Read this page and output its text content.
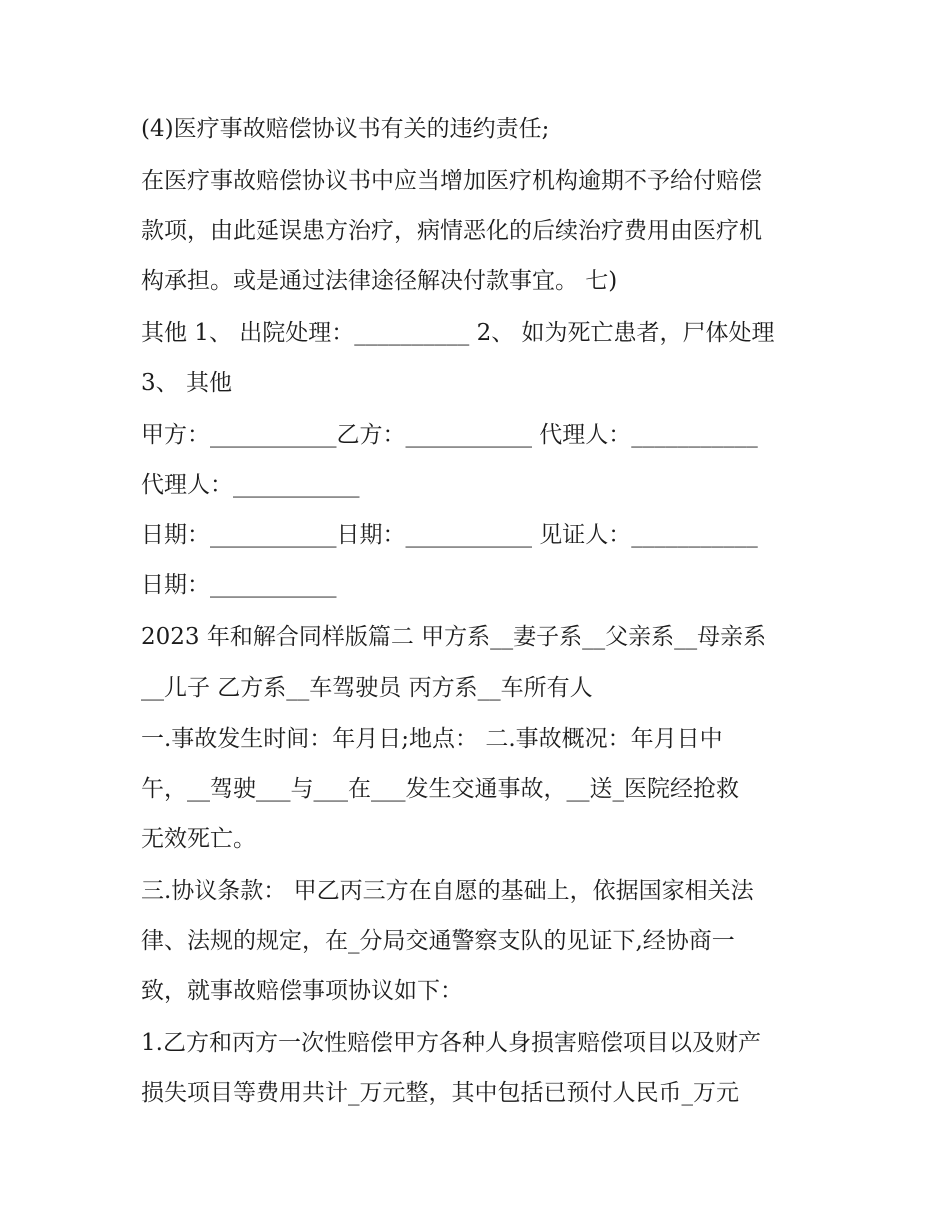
(4)医疗事故赔偿协议书有关的违约责任;

在医疗事故赔偿协议书中应当增加医疗机构逾期不予给付赔偿

款项，由此延误患方治疗，病情恶化的后续治疗费用由医疗机

构承担。或是通过法律途径解决付款事宜。 七)

其他 1、 出院处理：__________ 2、 如为死亡患者，尸体处理

3、 其他

甲方：___________乙方：___________ 代理人：___________

代理人：___________

日期：___________日期：___________ 见证人：___________

日期：___________

2023 年和解合同样版篇二 甲方系__妻子系__父亲系__母亲系

__儿子 乙方系__车驾驶员 丙方系__车所有人

一.事故发生时间：年月日;地点： 二.事故概况：年月日中

午，__驾驶___与___在___发生交通事故，__送_医院经抢救

无效死亡。

三.协议条款： 甲乙丙三方在自愿的基础上，依据国家相关法

律、法规的规定，在_分局交通警察支队的见证下,经协商一

致，就事故赔偿事项协议如下：

1.乙方和丙方一次性赔偿甲方各种人身损害赔偿项目以及财产

损失项目等费用共计_万元整，其中包括已预付人民币_万元
